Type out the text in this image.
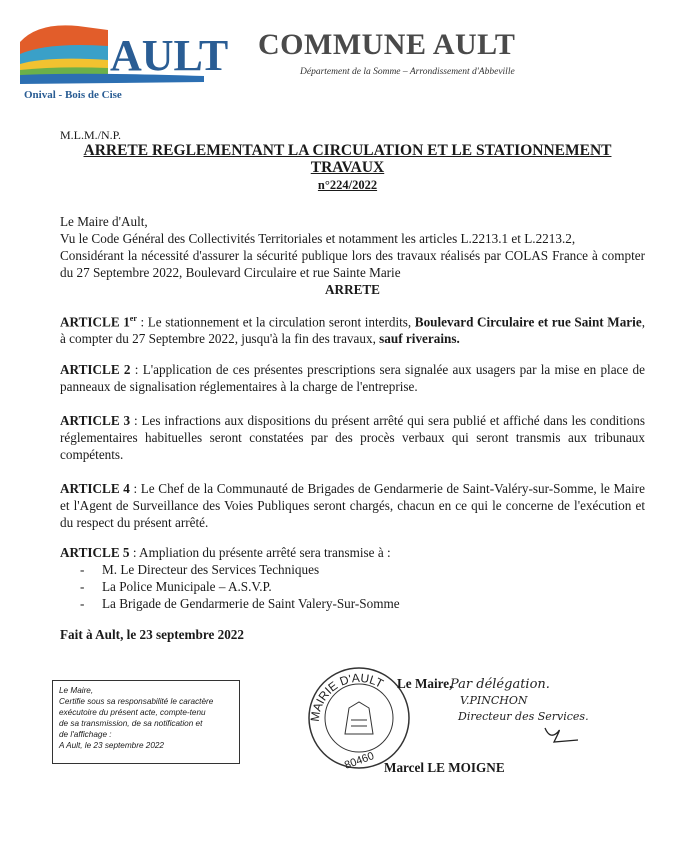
AULT
Onival - Bois de Cise
COMMUNE AULT
Département de la Somme – Arrondissement d'Abbeville
M.L.M./N.P.
ARRETE REGLEMENTANT LA CIRCULATION ET LE STATIONNEMENT TRAVAUX
n°224/2022
Le Maire d'Ault,
Vu le Code Général des Collectivités Territoriales et notamment les articles L.2213.1 et L.2213.2,
Considérant la nécessité d'assurer la sécurité publique lors des travaux réalisés par COLAS France à compter du 27 Septembre 2022, Boulevard Circulaire et rue Sainte Marie
ARRETE
ARTICLE 1er : Le stationnement et la circulation seront interdits, Boulevard Circulaire et rue Saint Marie, à compter du 27 Septembre 2022, jusqu'à la fin des travaux, sauf riverains.
ARTICLE 2 : L'application de ces présentes prescriptions sera signalée aux usagers par la mise en place de panneaux de signalisation réglementaires à la charge de l'entreprise.
ARTICLE 3 : Les infractions aux dispositions du présent arrêté qui sera publié et affiché dans les conditions réglementaires habituelles seront constatées par des procès verbaux qui seront transmis aux tribunaux compétents.
ARTICLE 4 : Le Chef de la Communauté de Brigades de Gendarmerie de Saint-Valéry-sur-Somme, le Maire et l'Agent de Surveillance des Voies Publiques seront chargés, chacun en ce qui le concerne de l'exécution et du respect du présent arrêté.
ARTICLE 5 : Ampliation du présente arrêté sera transmise à :
- M. Le Directeur des Services Techniques
- La Police Municipale – A.S.V.P.
- La Brigade de Gendarmerie de Saint Valery-Sur-Somme
Fait à Ault, le 23 septembre 2022
Le Maire,
Certifie sous sa responsabilité le caractère
exécutoire du présent acte, compte-tenu
de sa transmission, de sa notification et
de l'affichage :
A Ault, le 23 septembre 2022
MAIRIE D'AULT
80460
Le Maire,
Par délégation.
V.PINCHON
Directeur des Services.
Marcel LE MOIGNE
